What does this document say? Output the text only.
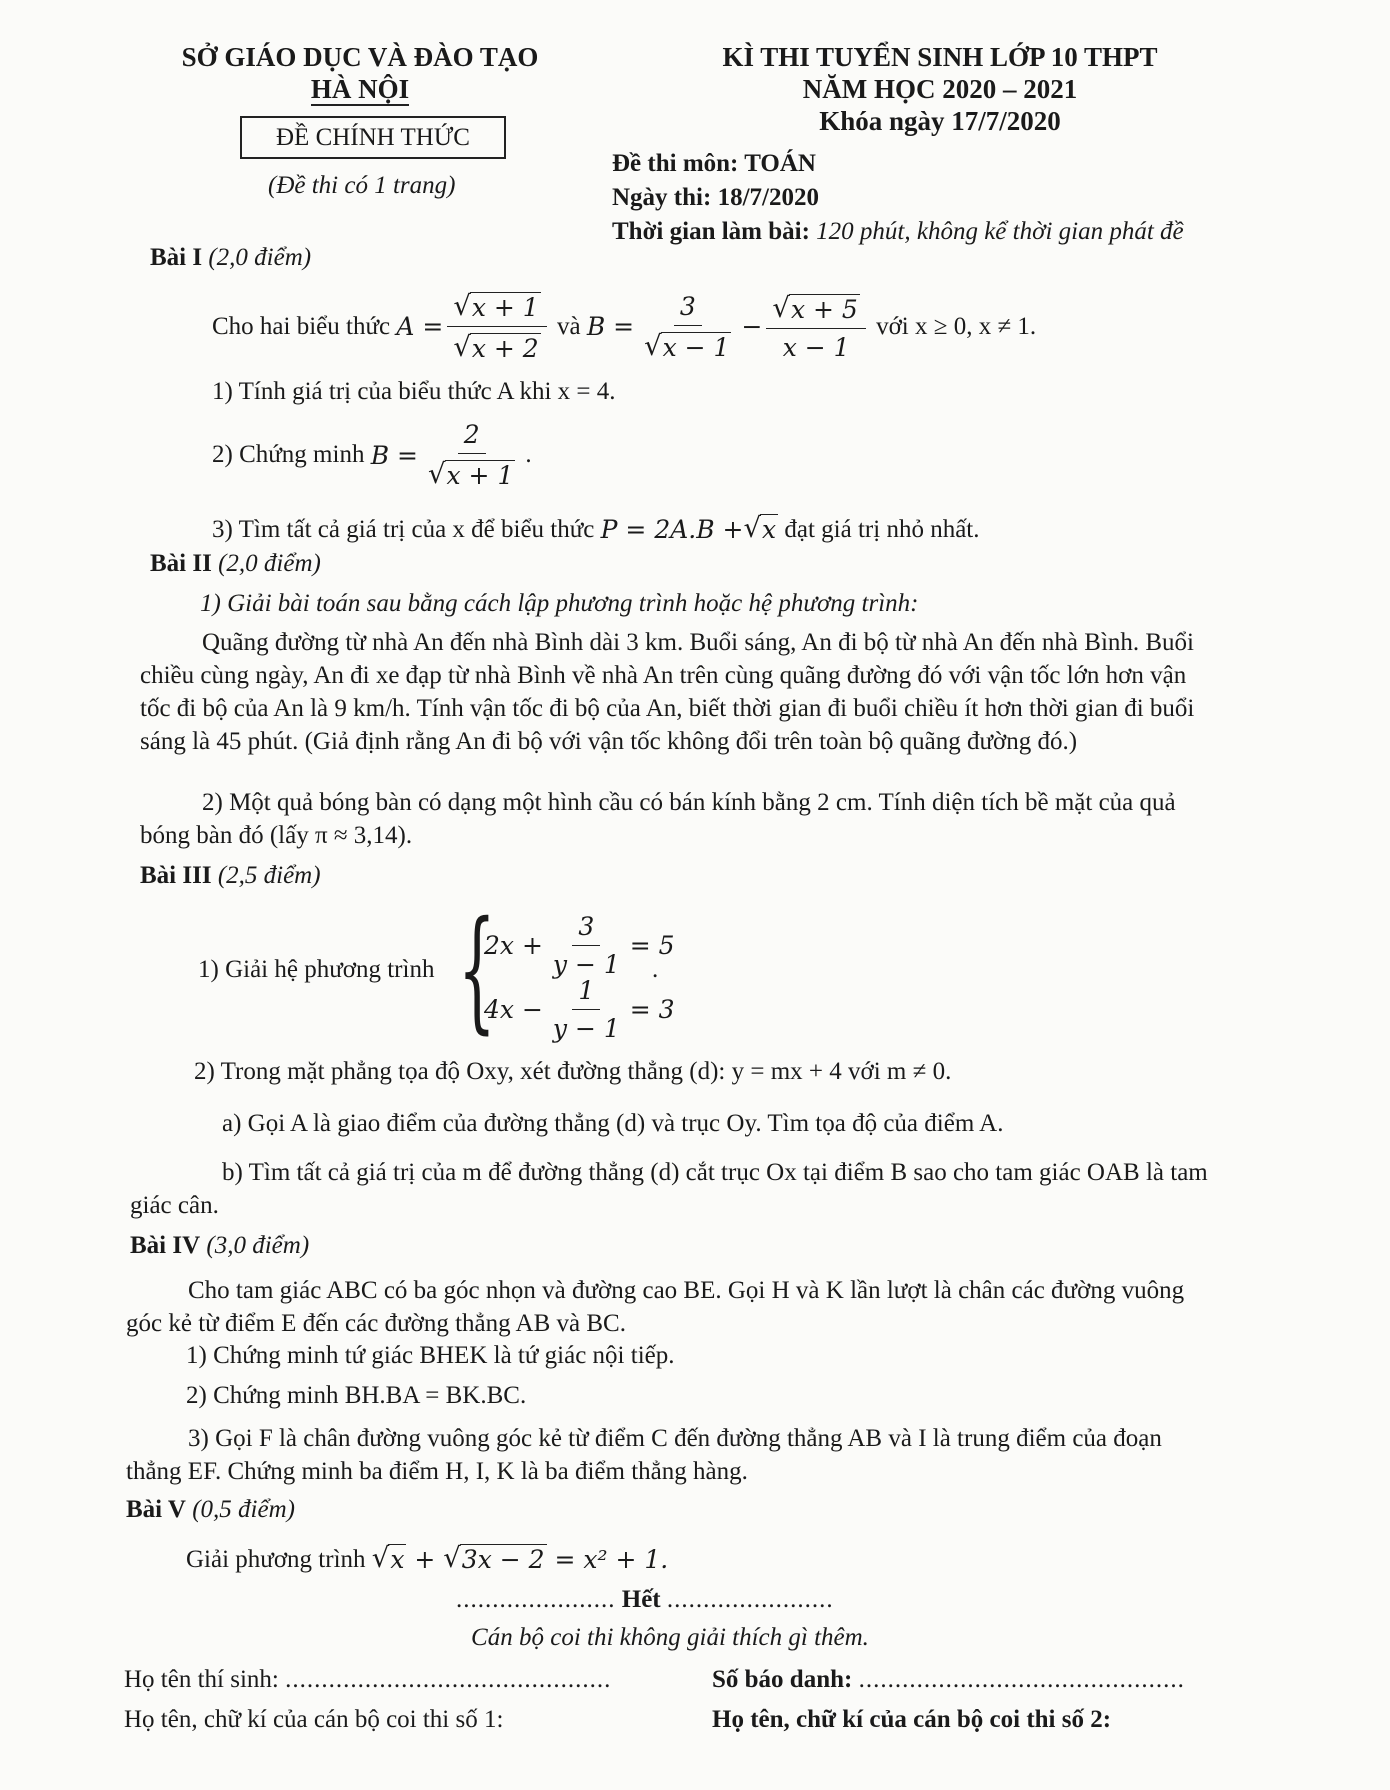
SỞ GIÁO DỤC VÀ ĐÀO TẠO
HÀ NỘI
ĐỀ CHÍNH THỨC
(Đề thi có 1 trang)
KÌ THI TUYỂN SINH LỚP 10 THPT
NĂM HỌC 2020 – 2021
Khóa ngày 17/7/2020
Đề thi môn: TOÁN
Ngày thi: 18/7/2020
Thời gian làm bài: 120 phút, không kể thời gian phát đề
Bài I (2,0 điểm)
Cho hai biểu thức
$A = \frac{√ x + 1}{√ x + 2}$
và
$B = \frac{3}{√ x - 1} - \frac{√ x + 5}{x - 1}$
với x ≥ 0, x ≠ 1.
1) Tính giá trị của biểu thức A khi x = 4.
2) Chứng minh
$B = \frac{2}{√ x + 1}$ .
3) Tìm tất cả giá trị của x để biểu thức
P = 2A.B + √ x
đạt giá trị nhỏ nhất.
Bài II (2,0 điểm)
1) Giải bài toán sau bằng cách lập phương trình hoặc hệ phương trình:
Quãng đường từ nhà An đến nhà Bình dài 3 km. Buổi sáng, An đi bộ từ nhà An đến nhà Bình. Buổi chiều cùng ngày, An đi xe đạp từ nhà Bình về nhà An trên cùng quãng đường đó với vận tốc lớn hơn vận tốc đi bộ của An là 9 km/h. Tính vận tốc đi bộ của An, biết thời gian đi buổi chiều ít hơn thời gian đi buổi sáng là 45 phút. (Giả định rằng An đi bộ với vận tốc không đổi trên toàn bộ quãng đường đó.)
2) Một quả bóng bàn có dạng một hình cầu có bán kính bằng 2 cm. Tính diện tích bề mặt của quả bóng bàn đó (lấy π ≈ 3,14).
Bài III (2,5 điểm)
1) Giải hệ phương trình {
$2x + \frac{3}{y - 1} = 5$
$4x - \frac{1}{y - 1} = 3$
.
2) Trong mặt phẳng tọa độ Oxy, xét đường thẳng (d): y = mx + 4 với m ≠ 0.
a) Gọi A là giao điểm của đường thẳng (d) và trục Oy. Tìm tọa độ của điểm A.
b) Tìm tất cả giá trị của m để đường thẳng (d) cắt trục Ox tại điểm B sao cho tam giác OAB là tam giác cân.
Bài IV (3,0 điểm)
Cho tam giác ABC có ba góc nhọn và đường cao BE. Gọi H và K lần lượt là chân các đường vuông góc kẻ từ điểm E đến các đường thẳng AB và BC.
1) Chứng minh tứ giác BHEK là tứ giác nội tiếp.
2) Chứng minh BH.BA = BK.BC.
3) Gọi F là chân đường vuông góc kẻ từ điểm C đến đường thẳng AB và I là trung điểm của đoạn thẳng EF. Chứng minh ba điểm H, I, K là ba điểm thẳng hàng.
Bài V (0,5 điểm)
Giải phương trình
√ x + √ 3x − 2
= x² + 1.
...................... Hết .......................
Cán bộ coi thi không giải thích gì thêm.
Họ tên thí sinh: .............................................	Số báo danh: .............................................
Họ tên, chữ kí của cán bộ coi thi số 1:	Họ tên, chữ kí của cán bộ coi thi số 2:
